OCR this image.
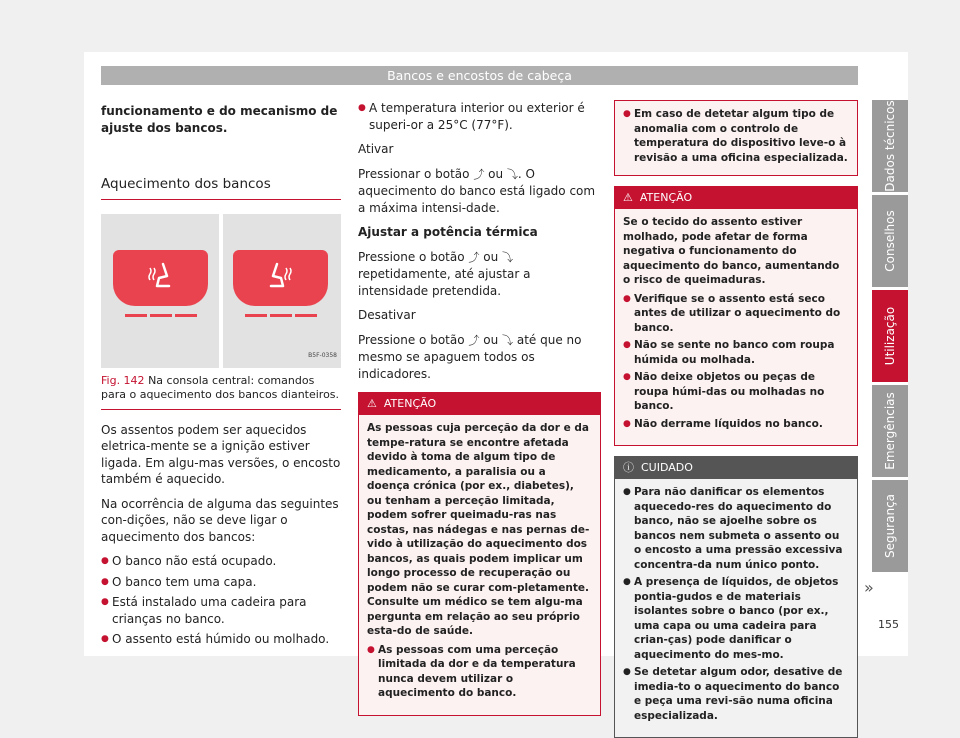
Bancos e encostos de cabeça

funcionamento e do mecanismo de ajuste dos bancos.

Aquecimento dos bancos
B5F-0358
Fig. 142 Na consola central: comandos para o aquecimento dos bancos dianteiros.

Os assentos podem ser aquecidos eletrica-mente se a ignição estiver ligada. Em algu-mas versões, o encosto também é aquecido.

Na ocorrência de alguma das seguintes con-dições, não se deve ligar o aquecimento dos bancos:

● O banco não está ocupado.
● O banco tem uma capa.
● Está instalado uma cadeira para crianças no banco.
● O assento está húmido ou molhado.
● A temperatura interior ou exterior é superi-or a 25°C (77°F).

Ativar

Pressionar o botão ⤴ ou ⤵. O aquecimento do banco está ligado com a máxima intensi-dade.

Ajustar a potência térmica

Pressione o botão ⤴ ou ⤵ repetidamente, até ajustar a intensidade pretendida.

Desativar

Pressione o botão ⤴ ou ⤵ até que no mesmo se apaguem todos os indicadores.

⚠ ATENÇÃO

As pessoas cuja perceção da dor e da tempe-ratura se encontre afetada devido à toma de algum tipo de medicamento, a paralisia ou a doença crónica (por ex., diabetes), ou tenham a perceção limitada, podem sofrer queimadu-ras nas costas, nas nádegas e nas pernas de-vido à utilização do aquecimento dos bancos, as quais podem implicar um longo processo de recuperação ou podem não se curar com-pletamente. Consulte um médico se tem algu-ma pergunta em relação ao seu próprio esta-do de saúde.

● As pessoas com uma perceção limitada da dor e da temperatura nunca devem utilizar o aquecimento do banco.
● Em caso de detetar algum tipo de anomalia com o controlo de temperatura do dispositivo leve-o à revisão a uma oficina especializada.
⚠ ATENÇÃO

Se o tecido do assento estiver molhado, pode afetar de forma negativa o funcionamento do aquecimento do banco, aumentando o risco de queimaduras.

● Verifique se o assento está seco antes de utilizar o aquecimento do banco.
● Não se sente no banco com roupa húmida ou molhada.
● Não deixe objetos ou peças de roupa húmi-das ou molhadas no banco.
● Não derrame líquidos no banco.
ⓘ CUIDADO
● Para não danificar os elementos aquecedo-res do aquecimento do banco, não se ajoelhe sobre os bancos nem submeta o assento ou o encosto a uma pressão excessiva concentra-da num único ponto.
● A presença de líquidos, de objetos pontia-gudos e de materiais isolantes sobre o banco (por ex., uma capa ou uma cadeira para crian-ças) pode danificar o aquecimento do mes-mo.
● Se detetar algum odor, desative de imedia-to o aquecimento do banco e peça uma revi-são numa oficina especializada.
»
Dados técnicos
Conselhos
Utilização
Emergências
Segurança
155
